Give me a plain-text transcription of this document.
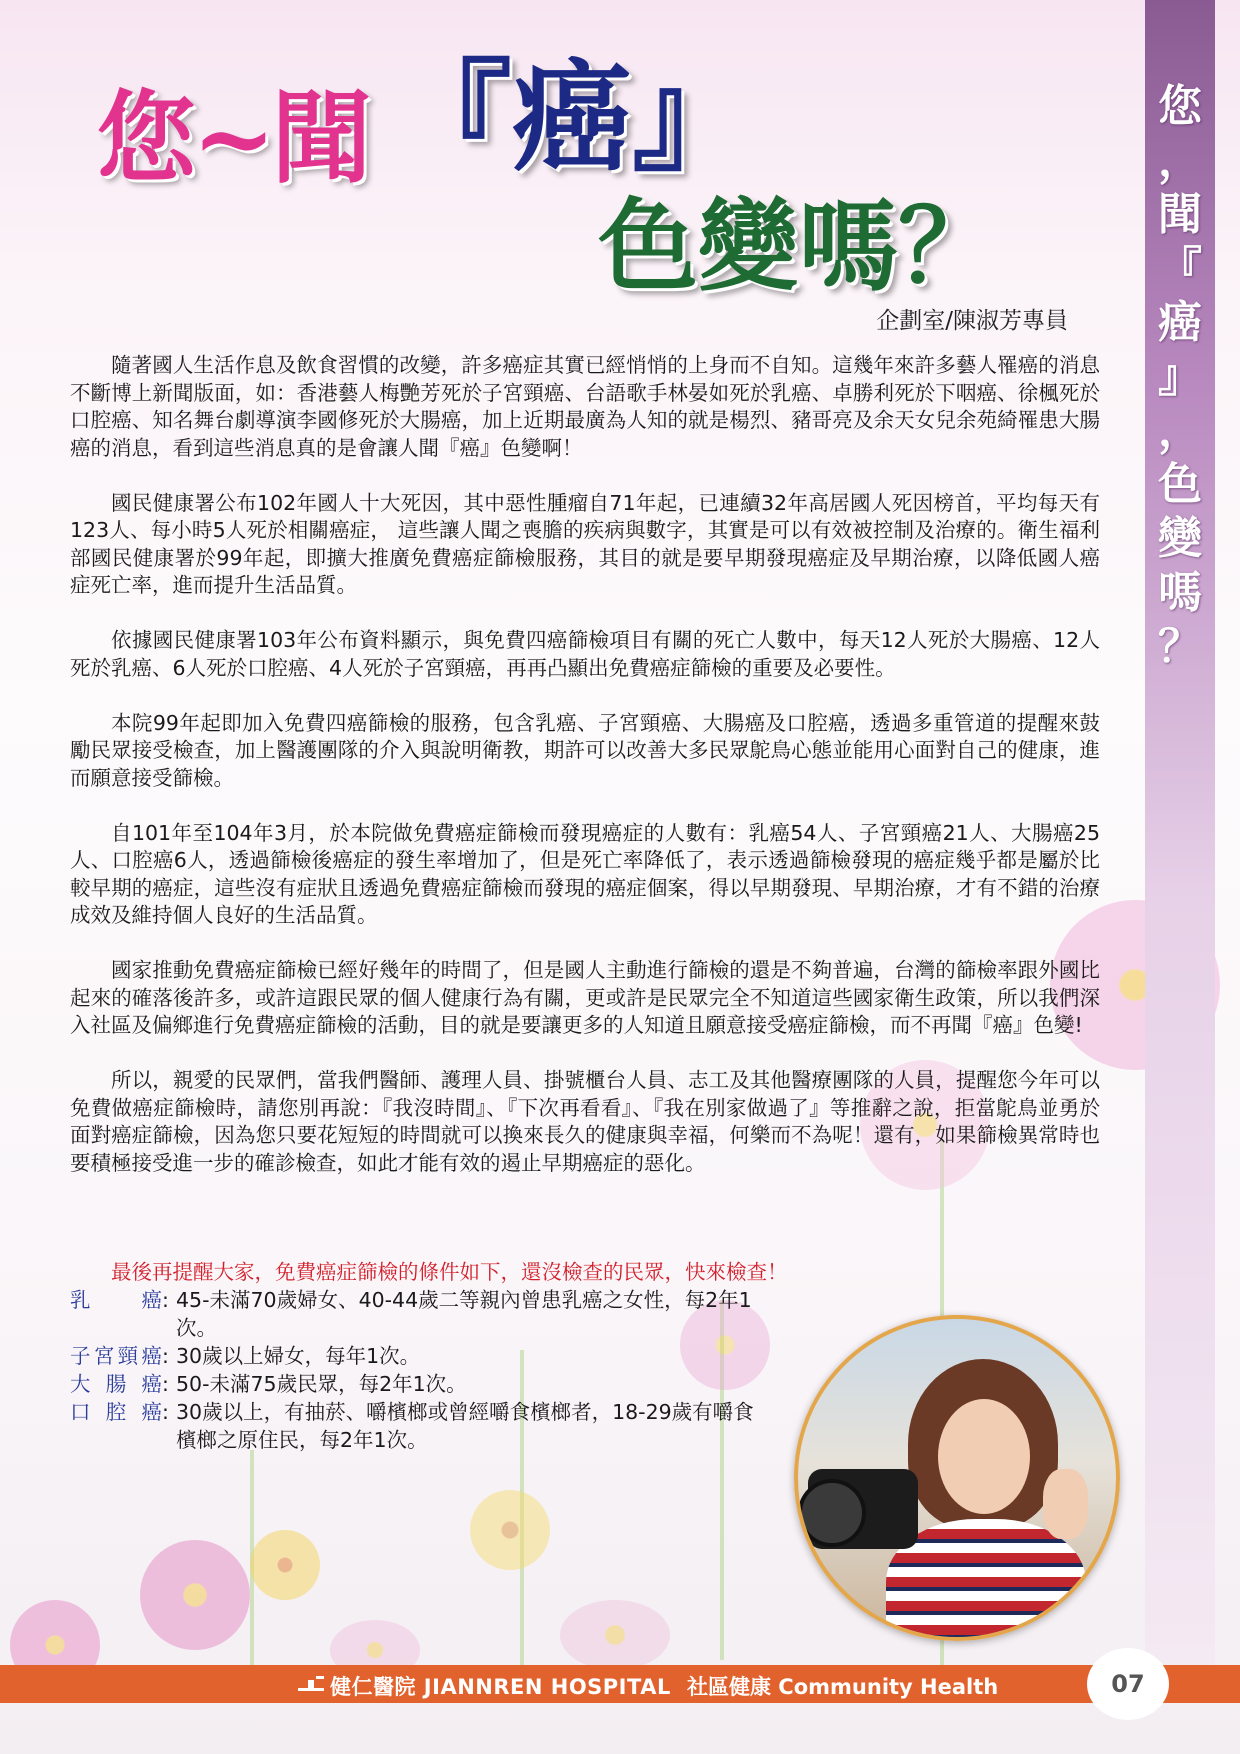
您
，
聞
『
癌
』
，
色
變
嗎
？
您~聞 『癌』
色變嗎？
企劃室/陳淑芳專員

隨著國人生活作息及飲食習慣的改變，許多癌症其實已經悄悄的上身而不自知。這幾年來許多藝人罹癌的消息不斷博上新聞版面，如：香港藝人梅艷芳死於子宮頸癌、台語歌手林晏如死於乳癌、卓勝利死於下咽癌、徐楓死於口腔癌、知名舞台劇導演李國修死於大腸癌，加上近期最廣為人知的就是楊烈、豬哥亮及余天女兒余苑綺罹患大腸癌的消息，看到這些消息真的是會讓人聞『癌』色變啊！

國民健康署公布102年國人十大死因，其中惡性腫瘤自71年起，已連續32年高居國人死因榜首，平均每天有123人、每小時5人死於相關癌症， 這些讓人聞之喪膽的疾病與數字，其實是可以有效被控制及治療的。衛生福利部國民健康署於99年起，即擴大推廣免費癌症篩檢服務，其目的就是要早期發現癌症及早期治療，以降低國人癌症死亡率，進而提升生活品質。

依據國民健康署103年公布資料顯示，與免費四癌篩檢項目有關的死亡人數中，每天12人死於大腸癌、12人死於乳癌、6人死於口腔癌、4人死於子宮頸癌，再再凸顯出免費癌症篩檢的重要及必要性。

本院99年起即加入免費四癌篩檢的服務，包含乳癌、子宮頸癌、大腸癌及口腔癌，透過多重管道的提醒來鼓勵民眾接受檢查，加上醫護團隊的介入與說明衛教，期許可以改善大多民眾鴕鳥心態並能用心面對自己的健康，進而願意接受篩檢。

自101年至104年3月，於本院做免費癌症篩檢而發現癌症的人數有：乳癌54人、子宮頸癌21人、大腸癌25人、口腔癌6人，透過篩檢後癌症的發生率增加了，但是死亡率降低了，表示透過篩檢發現的癌症幾乎都是屬於比較早期的癌症，這些沒有症狀且透過免費癌症篩檢而發現的癌症個案，得以早期發現、早期治療，才有不錯的治療成效及維持個人良好的生活品質。

國家推動免費癌症篩檢已經好幾年的時間了，但是國人主動進行篩檢的還是不夠普遍，台灣的篩檢率跟外國比起來的確落後許多，或許這跟民眾的個人健康行為有關，更或許是民眾完全不知道這些國家衛生政策，所以我們深入社區及偏鄉進行免費癌症篩檢的活動，目的就是要讓更多的人知道且願意接受癌症篩檢，而不再聞『癌』色變!

所以，親愛的民眾們，當我們醫師、護理人員、掛號櫃台人員、志工及其他醫療團隊的人員，提醒您今年可以免費做癌症篩檢時，請您別再說：『我沒時間』、『下次再看看』、『我在別家做過了』等推辭之說，拒當鴕鳥並勇於面對癌症篩檢，因為您只要花短短的時間就可以換來長久的健康與幸福，何樂而不為呢！還有，如果篩檢異常時也要積極接受進一步的確診檢查，如此才能有效的遏止早期癌症的惡化。

最後再提醒大家，免費癌症篩檢的條件如下，還沒檢查的民眾，快來檢查！
乳癌 : 45-未滿70歲婦女、40-44歲二等親內曾患乳癌之女性，每2年1次。
子宮頸癌 : 30歲以上婦女，每年1次。
大腸癌 : 50-未滿75歲民眾，每2年1次。
口腔癌 : 30歲以上，有抽菸、嚼檳榔或曾經嚼食檳榔者，18-29歲有嚼食檳榔之原住民，每2年1次。
健仁醫院 JIANNREN HOSPITAL 社區健康 Community Health	07
